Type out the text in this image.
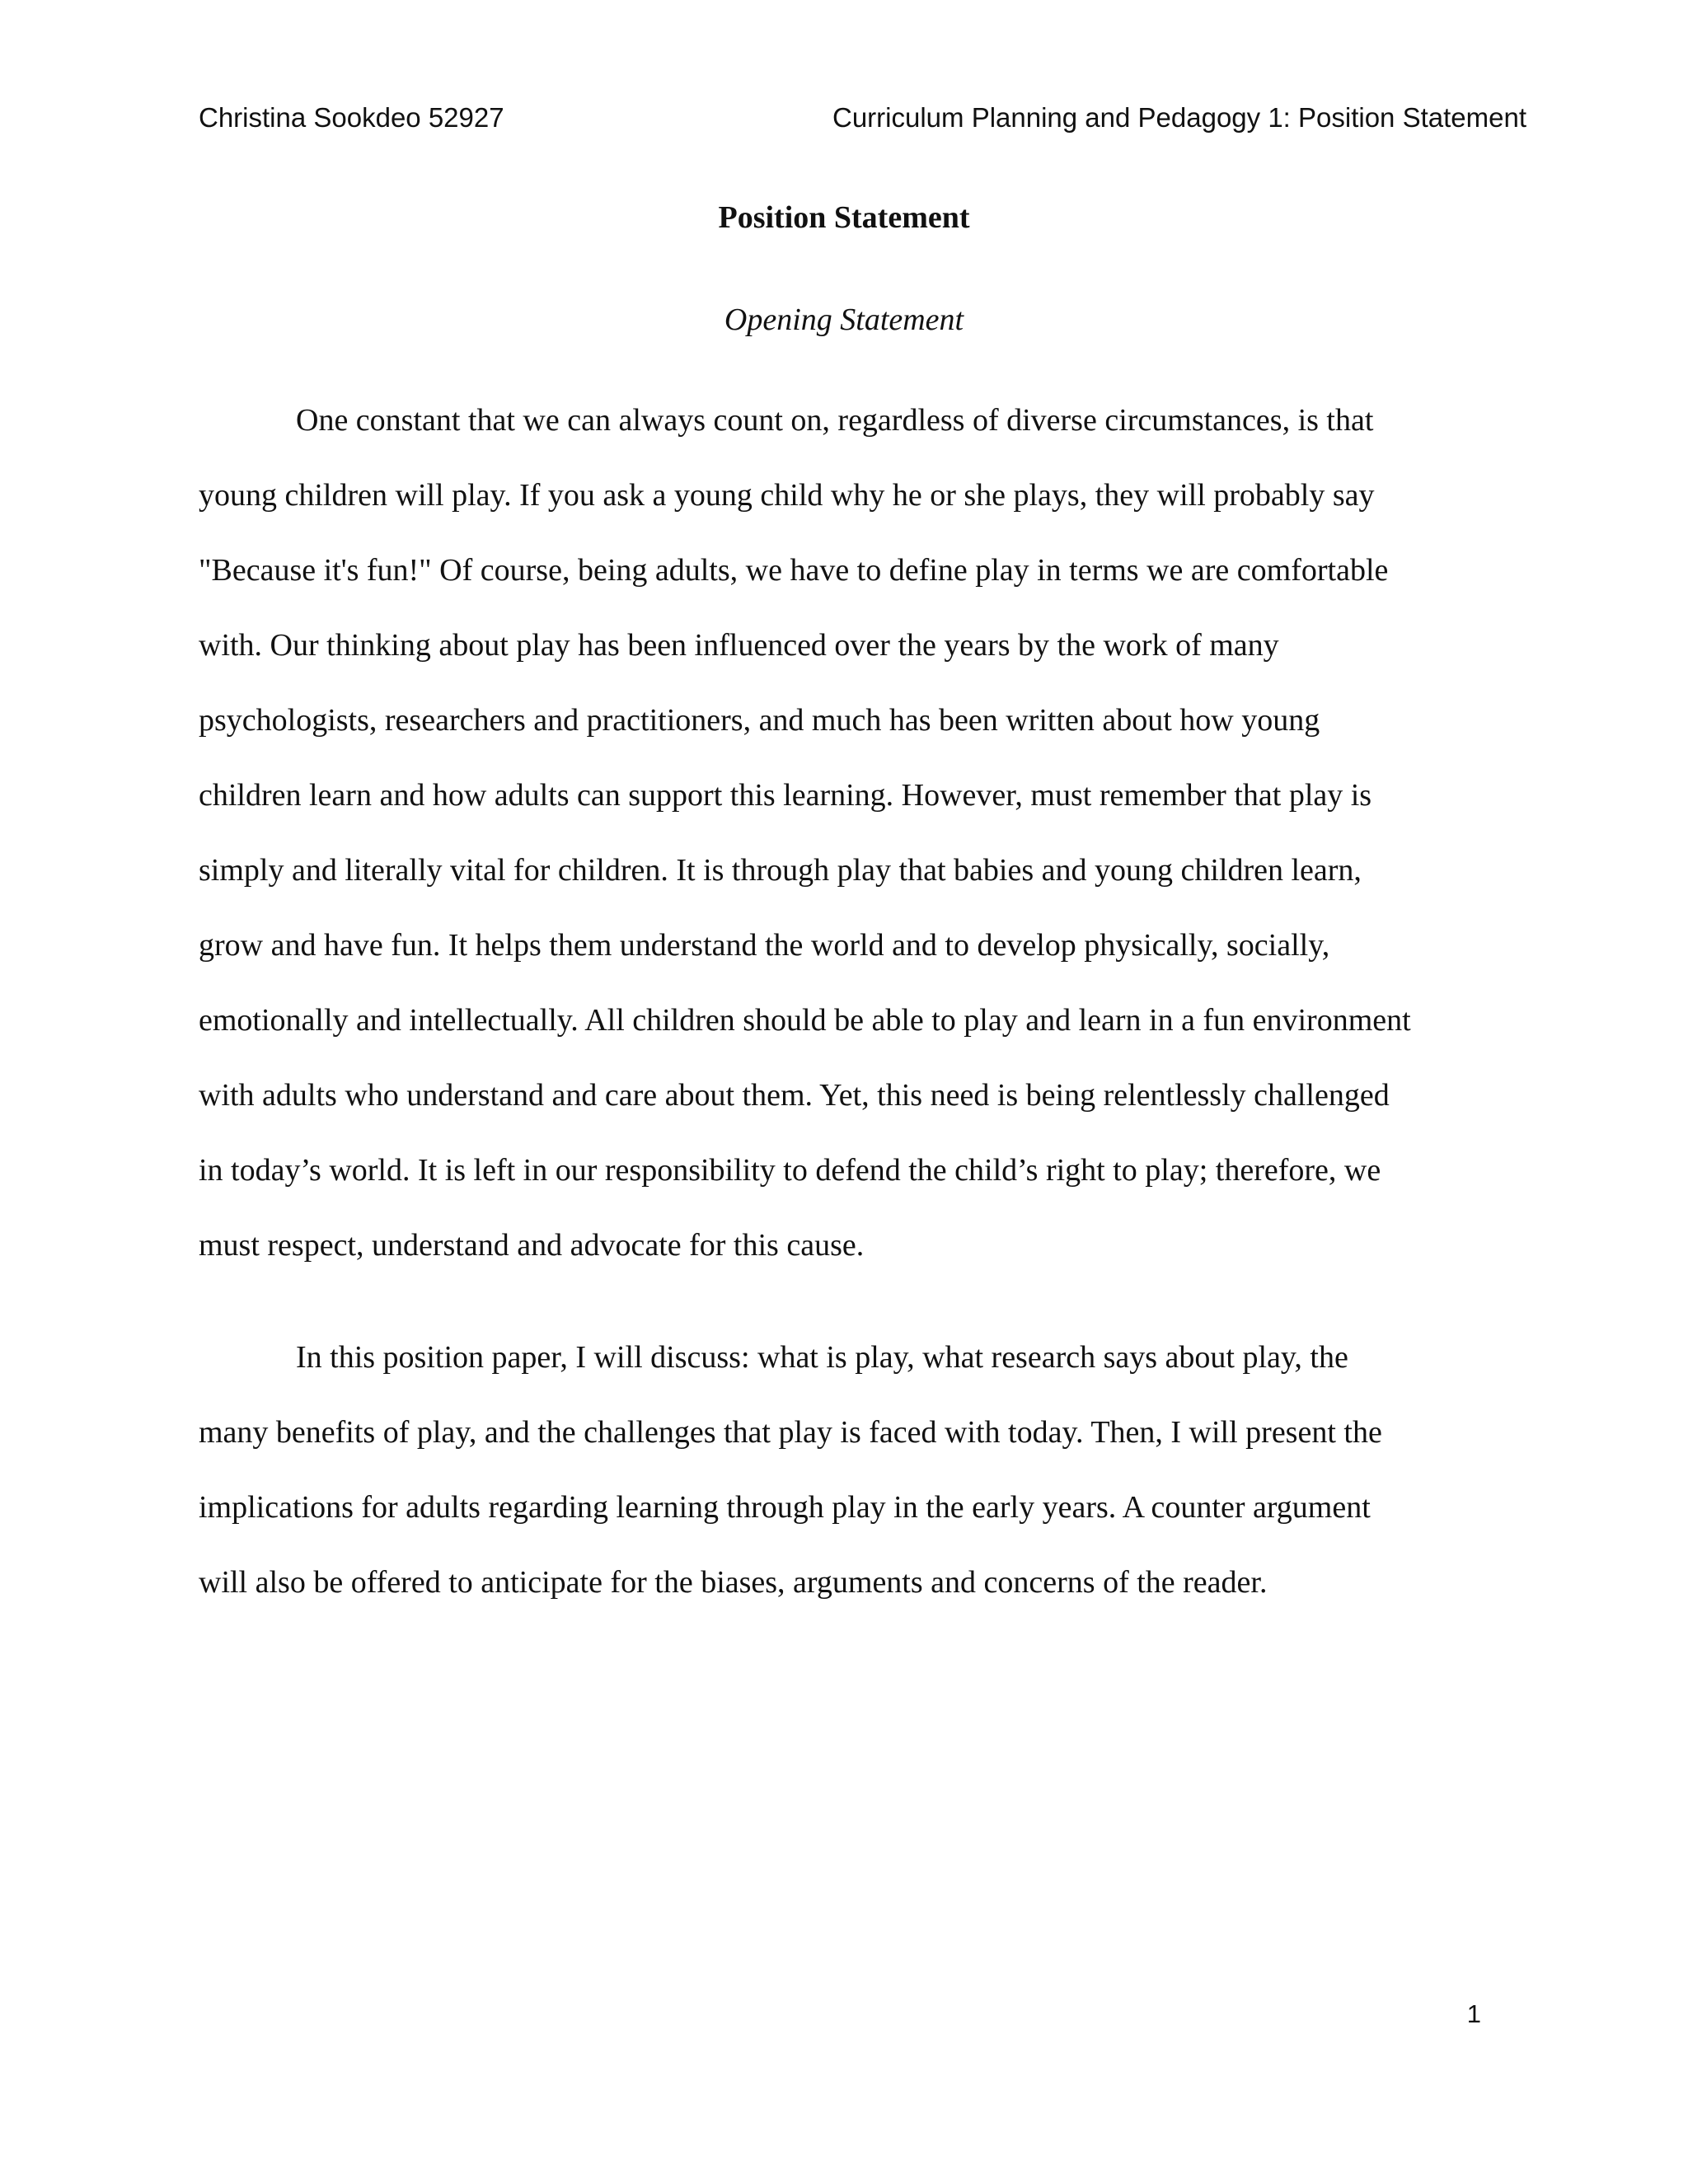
Christina Sookdeo 52927	Curriculum Planning and Pedagogy 1: Position Statement
Position Statement
Opening Statement
One constant that we can always count on, regardless of diverse circumstances, is that
young children will play. If you ask a young child why he or she plays, they will probably say
"Because it's fun!" Of course, being adults, we have to define play in terms we are comfortable
with. Our thinking about play has been influenced over the years by the work of many
psychologists, researchers and practitioners, and much has been written about how young
children learn and how adults can support this learning. However, must remember that play is
simply and literally vital for children. It is through play that babies and young children learn,
grow and have fun. It helps them understand the world and to develop physically, socially,
emotionally and intellectually. All children should be able to play and learn in a fun environment
with adults who understand and care about them. Yet, this need is being relentlessly challenged
in today’s world. It is left in our responsibility to defend the child’s right to play; therefore, we
must respect, understand and advocate for this cause.
In this position paper, I will discuss: what is play, what research says about play, the
many benefits of play, and the challenges that play is faced with today. Then, I will present the
implications for adults regarding learning through play in the early years. A counter argument
will also be offered to anticipate for the biases, arguments and concerns of the reader.
1
